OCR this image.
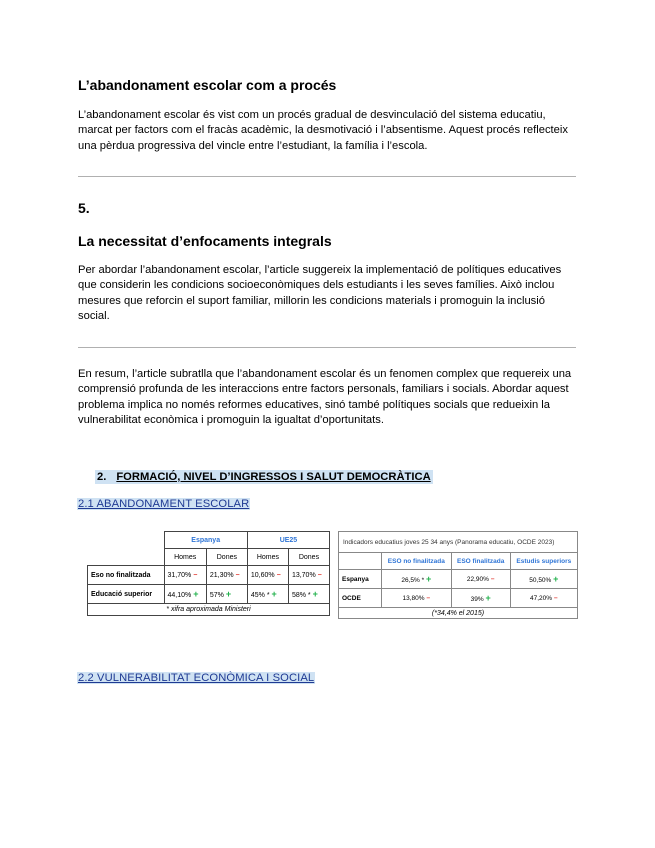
L’abandonament escolar com a procés

L’abandonament escolar és vist com un procés gradual de desvinculació del sistema educatiu, marcat per factors com el fracàs acadèmic, la desmotivació i l’absentisme. Aquest procés reflecteix una pèrdua progressiva del vincle entre l’estudiant, la família i l’escola.

5.
La necessitat d’enfocaments integrals

Per abordar l’abandonament escolar, l’article suggereix la implementació de polítiques educatives que considerin les condicions socioeconòmiques dels estudiants i les seves famílies. Això inclou mesures que reforcin el suport familiar, millorin les condicions materials i promoguin la inclusió social.

En resum, l’article subratlla que l’abandonament escolar és un fenomen complex que requereix una comprensió profunda de les interaccions entre factors personals, familiars i socials. Abordar aquest problema implica no només reformes educatives, sinó també polítiques socials que redueixin la vulnerabilitat econòmica i promoguin la igualtat d’oportunitats.

2. FORMACIÓ, NIVEL D’INGRESSOS I SALUT DEMOCRÀTICA
2.1 ABANDONAMENT ESCOLAR
	Espanya		UE25	
	Homes	Dones	Homes	Dones
Eso no finalitzada	31,70% −	21,30% −	10,60% −	13,70% −
Educació superior	44,10% +	57% +	45% * +	58% * +
* xifra aproximada Ministeri				
Indicadors educatius joves 25 34 anys (Panorama educatiu, OCDE 2023)			
	ESO no finalitzada	ESO finalitzada	Estudis superiors
Espanya	26,5% * +	22,90% −	50,50% +
OCDE	13,80% −	39% +	47,20% −
(*34,4% el 2015)			
2.2 VULNERABILITAT ECONÒMICA I SOCIAL
